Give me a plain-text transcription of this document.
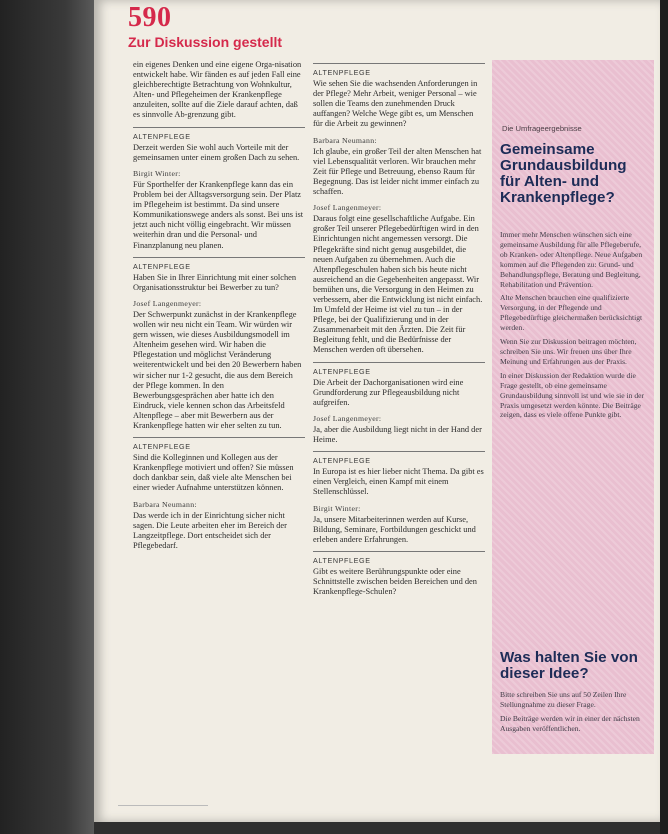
590
Zur Diskussion gestellt

ein eigenes Denken und eine eigene Orga-nisation entwickelt habe. Wir fänden es auf jeden Fall eine gleichberechtigte Betrachtung von Wohnkultur, Alten- und Pflegeheimen der Krankenpflege anzuleiten, sollte auf die Ziele darauf achten, daß es sinnvolle Ab-grenzung gibt.

ALTENPFLEGE

Derzeit werden Sie wohl auch Vorteile mit der gemeinsamen unter einem großen Dach zu sehen.

Birgit Winter:

Für Sporthelfer der Krankenpflege kann das ein Problem bei der Alltagsversorgung sein. Der Platz im Pflegeheim ist bestimmt. Da sind unsere Kommunikationswege anders als sonst. Bei uns ist jetzt auch nicht völlig eingebracht. Wir müssen weiterhin dran und die Personal- und Finanzplanung neu planen.

ALTENPFLEGE

Haben Sie in Ihrer Einrichtung mit einer solchen Organisationsstruktur bei Bewerber zu tun?

Josef Langenmeyer:

Der Schwerpunkt zunächst in der Krankenpflege wollen wir neu nicht ein Team. Wir würden wir gern wissen, wie dieses Ausbildungsmodell im Altenheim gesehen wird. Wir haben die Pflegestation und möglichst Veränderung weiterentwickelt und bei den 20 Bewerbern haben wir sicher nur 1-2 gesucht, die aus dem Bereich der Pflege kommen. In den Bewerbungsgesprächen aber hatte ich den Eindruck, viele kennen schon das Arbeitsfeld Altenpflege – aber mit Bewerbern aus der Krankenpflege hatten wir eher selten zu tun.

ALTENPFLEGE

Sind die Kolleginnen und Kollegen aus der Krankenpflege motiviert und offen? Sie müssen doch dankbar sein, daß viele alte Menschen bei einer wieder Aufnahme unterstützen können.

Barbara Neumann:

Das werde ich in der Einrichtung sicher nicht sagen. Die Leute arbeiten eher im Bereich der Langzeitpflege. Dort entscheidet sich der Pflegebedarf.

ALTENPFLEGE

Wie sehen Sie die wachsenden Anforderungen in der Pflege? Mehr Arbeit, weniger Personal – wie sollen die Teams den zunehmenden Druck auffangen? Welche Wege gibt es, um Menschen für die Arbeit zu gewinnen?

Barbara Neumann:

Ich glaube, ein großer Teil der alten Menschen hat viel Lebensqualität verloren. Wir brauchen mehr Zeit für Pflege und Betreuung, ebenso Raum für Begegnung. Das ist leider nicht immer einfach zu schaffen.

Josef Langenmeyer:

Daraus folgt eine gesellschaftliche Aufgabe. Ein großer Teil unserer Pflegebedürftigen wird in den Einrichtungen nicht angemessen versorgt. Die Pflegekräfte sind nicht genug ausgebildet, die neuen Aufgaben zu übernehmen. Auch die Altenpflegeschulen haben sich bis heute nicht ausreichend an die Gegebenheiten angepasst. Wir bemühen uns, die Versorgung in den Heimen zu verbessern, aber die Entwicklung ist nicht einfach. Im Umfeld der Heime ist viel zu tun – in der Pflege, bei der Qualifizierung und in der Zusammenarbeit mit den Ärzten. Die Zeit für Begleitung fehlt, und die Bedürfnisse der Menschen werden oft übersehen.

ALTENPFLEGE

Die Arbeit der Dachorganisationen wird eine Grundforderung zur Pflegeausbildung nicht aufgreifen.

Josef Langenmeyer:

Ja, aber die Ausbildung liegt nicht in der Hand der Heime.

ALTENPFLEGE

In Europa ist es hier lieber nicht Thema. Da gibt es einen Vergleich, einen Kampf mit einem Stellenschlüssel.

Birgit Winter:

Ja, unsere Mitarbeiterinnen werden auf Kurse, Bildung, Seminare, Fortbildungen geschickt und erleben andere Erfahrungen.

ALTENPFLEGE

Gibt es weitere Berührungspunkte oder eine Schnittstelle zwischen beiden Bereichen und den Krankenpflege-Schulen?

Die Umfrageergebnisse
Gemeinsame Grundausbildung für Alten- und Krankenpflege?

Immer mehr Menschen wünschen sich eine gemeinsame Ausbildung für alle Pflegeberufe, ob Kranken- oder Altenpflege. Neue Aufgaben kommen auf die Pflegenden zu: Grund- und Behandlungspflege, Beratung und Begleitung, Rehabilitation und Prävention.

Alte Menschen brauchen eine qualifizierte Versorgung, in der Pflegende und Pflegebedürftige gleichermaßen berücksichtigt werden.

Wenn Sie zur Diskussion beitragen möchten, schreiben Sie uns. Wir freuen uns über Ihre Meinung und Erfahrungen aus der Praxis.

In einer Diskussion der Redaktion wurde die Frage gestellt, ob eine gemeinsame Grundausbildung sinnvoll ist und wie sie in der Praxis umgesetzt werden könnte. Die Beiträge zeigen, dass es viele offene Punkte gibt.

Was halten Sie von dieser Idee?

Bitte schreiben Sie uns auf 50 Zeilen Ihre Stellungnahme zu dieser Frage.

Die Beiträge werden wir in einer der nächsten Ausgaben veröffentlichen.
